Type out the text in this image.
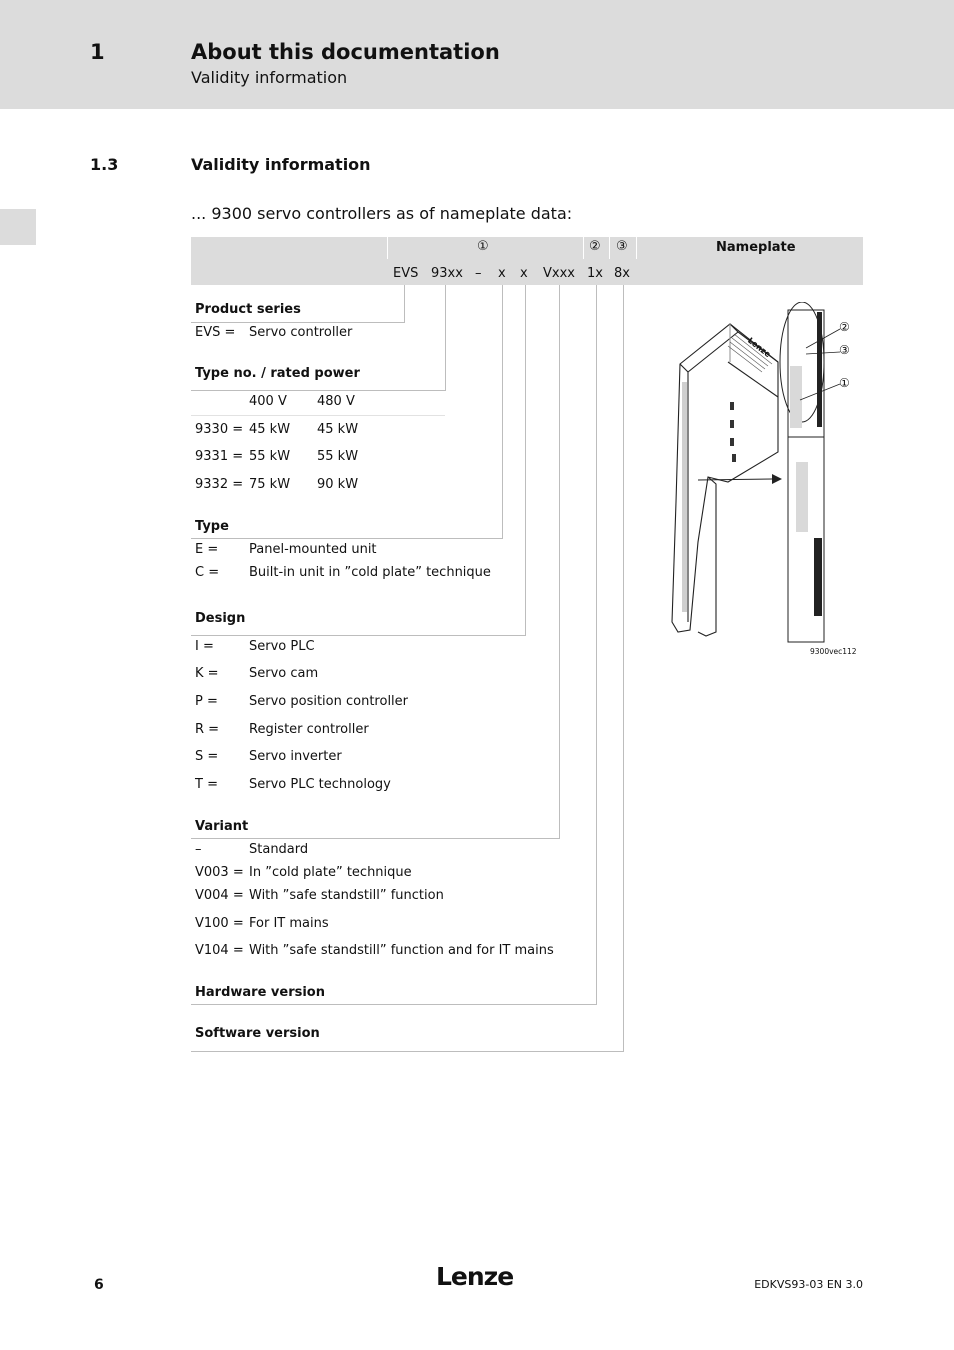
1	About this documentation
Validity information
1.3	Validity information
... 9300 servo controllers as of nameplate data:
①	② ③	Nameplate
EVS 93xx – x x Vxxx 1x 8x
Product series
EVS = Servo controller
Type no. / rated power
400 V 480 V
9330 = 45 kW 45 kW
9331 = 55 kW 55 kW
9332 = 75 kW 90 kW
Type
E = Panel-mounted unit
C = Built-in unit in ”cold plate” technique
Design
I =	Servo PLC
K = Servo cam
P = Servo position controller
R = Register controller
S = Servo inverter
T = Servo PLC technology
Variant
–	Standard
V003 = In ”cold plate” technique
V004 = With ”safe standstill” function
V100 = For IT mains
V104 = With ”safe standstill” function and for IT mains
Hardware version
Software version
②
③
①
Lenze
9300vec112
6	Lenze	EDKVS93-03 EN 3.0
